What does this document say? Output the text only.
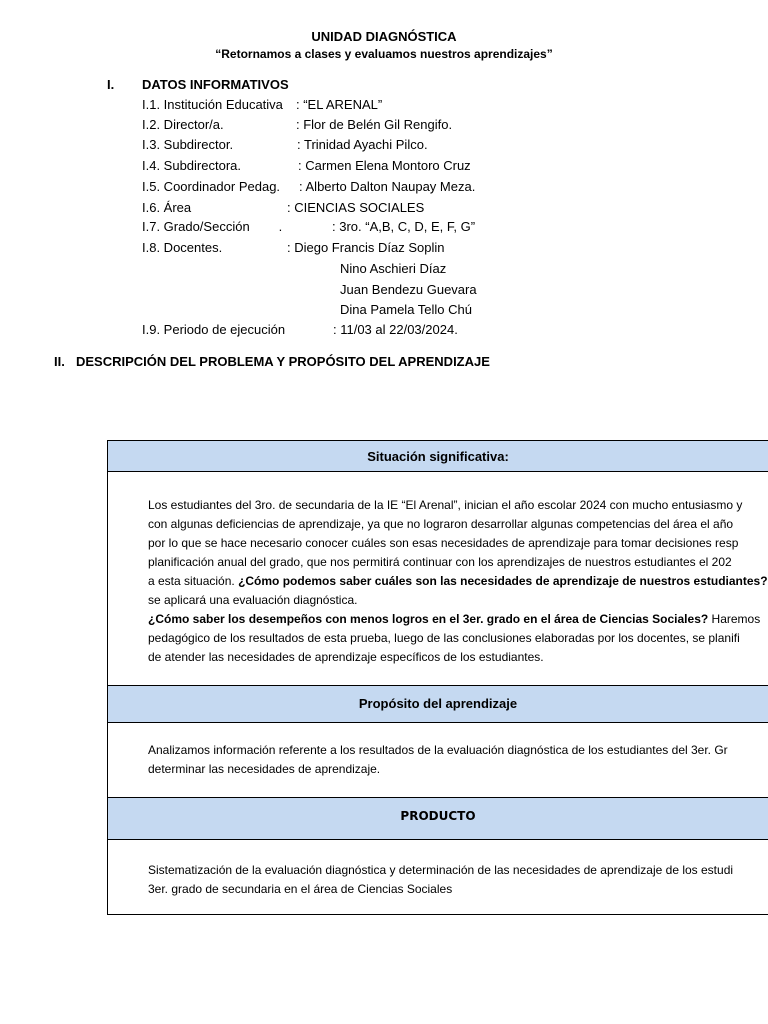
UNIDAD DIAGNÓSTICA
“Retornamos a clases y evaluamos nuestros aprendizajes”
I. DATOS INFORMATIVOS
I.1. Institución Educativa : “EL ARENAL”
I.2. Director/a.	: Flor de Belén Gil Rengifo.
I.3. Subdirector.	: Trinidad Ayachi Pilco.
I.4. Subdirectora.	: Carmen Elena Montoro Cruz
I.5. Coordinador Pedag. : Alberto Dalton Naupay Meza.
I.6. Área	: CIENCIAS SOCIALES
I.7. Grado/Sección        .	: 3ro. “A,B, C, D, E, F, G”
I.8. Docentes.	: Diego Francis Díaz Soplin
Nino Aschieri Díaz
Juan Bendezu Guevara
Dina Pamela Tello Chú
I.9. Periodo de ejecución	: 11/03 al 22/03/2024.
II. DESCRIPCIÓN DEL PROBLEMA Y PROPÓSITO DEL APRENDIZAJE
Situación significativa:
Los estudiantes del 3ro. de secundaria de la IE “El Arenal”, inician el año escolar 2024 con mucho entusiasmo y
con algunas deficiencias de aprendizaje, ya que no lograron desarrollar algunas competencias del área el año
por lo que se hace necesario conocer cuáles son esas necesidades de aprendizaje para tomar decisiones resp
planificación anual del grado, que nos permitirá continuar con los aprendizajes de nuestros estudiantes el 202
a esta situación. ¿Cómo podemos saber cuáles son las necesidades de aprendizaje de nuestros estudiantes?
se aplicará una evaluación diagnóstica.
¿Cómo saber los desempeños con menos logros en el 3er. grado en el área de Ciencias Sociales? Haremos
pedagógico de los resultados de esta prueba, luego de las conclusiones elaboradas por los docentes, se planifi
de atender las necesidades de aprendizaje específicos de los estudiantes.
Propósito del aprendizaje
Analizamos información referente a los resultados de la evaluación diagnóstica de los estudiantes del 3er. Gr
determinar las necesidades de aprendizaje.
PRODUCTO
Sistematización de la evaluación diagnóstica y determinación de las necesidades de aprendizaje de los estudi
3er. grado de secundaria en el área de Ciencias Sociales
